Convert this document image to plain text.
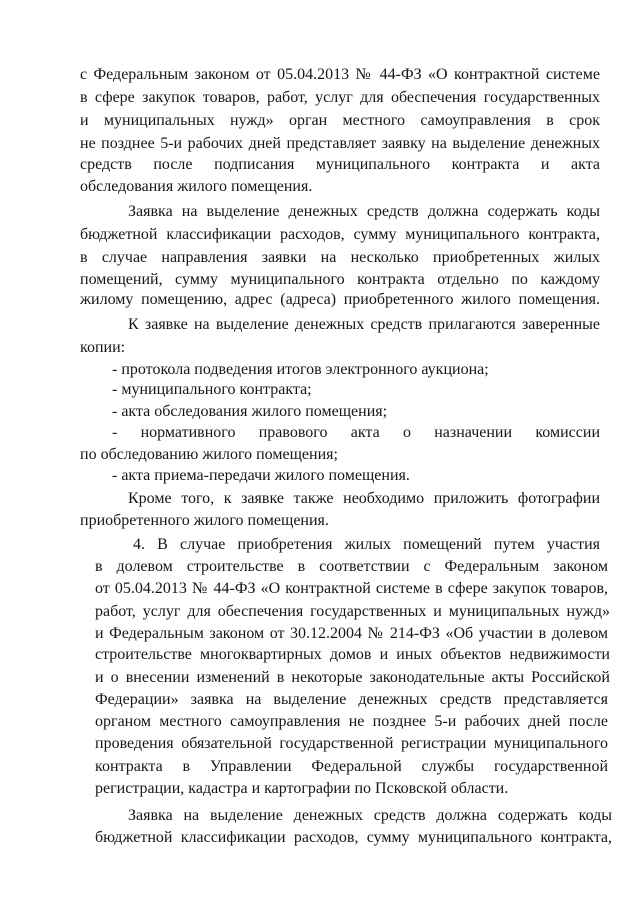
с Федеральным законом от 05.04.2013 № 44-ФЗ «О контрактной системе
в сфере закупок товаров, работ, услуг для обеспечения государственных
и муниципальных нужд» орган местного самоуправления в срок
не позднее 5-и рабочих дней представляет заявку на выделение денежных
средств после подписания муниципального контракта и акта
обследования жилого помещения.
Заявка на выделение денежных средств должна содержать коды
бюджетной классификации расходов, сумму муниципального контракта,
в случае направления заявки на несколько приобретенных жилых
помещений, сумму муниципального контракта отдельно по каждому
жилому помещению, адрес (адреса) приобретенного жилого помещения.
К заявке на выделение денежных средств прилагаются заверенные
копии:
- протокола подведения итогов электронного аукциона;
- муниципального контракта;
- акта обследования жилого помещения;
- нормативного правового акта о назначении комиссии
по обследованию жилого помещения;
- акта приема-передачи жилого помещения.
Кроме того, к заявке также необходимо приложить фотографии
приобретенного жилого помещения.
4. В случае приобретения жилых помещений путем участия
в долевом строительстве в соответствии с Федеральным законом
от 05.04.2013 № 44-ФЗ «О контрактной системе в сфере закупок товаров,
работ, услуг для обеспечения государственных и муниципальных нужд»
и Федеральным законом от 30.12.2004 № 214-ФЗ «Об участии в долевом
строительстве многоквартирных домов и иных объектов недвижимости
и о внесении изменений в некоторые законодательные акты Российской
Федерации» заявка на выделение денежных средств представляется
органом местного самоуправления не позднее 5-и рабочих дней после
проведения обязательной государственной регистрации муниципального
контракта в Управлении Федеральной службы государственной
регистрации, кадастра и картографии по Псковской области.
Заявка на выделение денежных средств должна содержать коды
бюджетной классификации расходов, сумму муниципального контракта,
